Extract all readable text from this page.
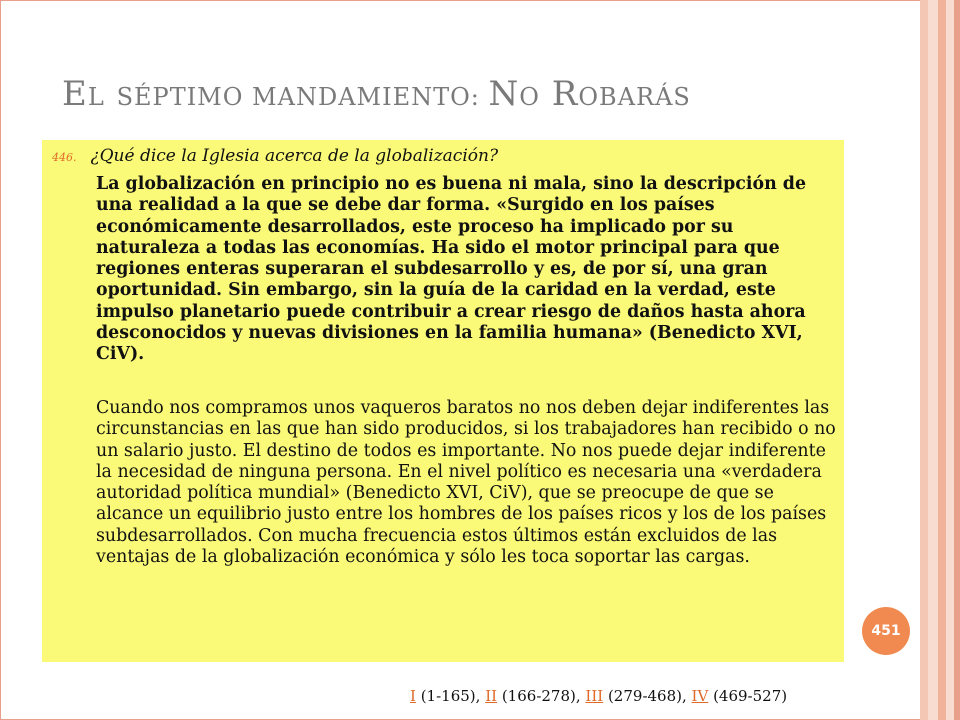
EL SÉPTIMO MANDAMIENTO: NO ROBARÁS
446. ¿Qué dice la Iglesia acerca de la globalización?
La globalización en principio no es buena ni mala, sino la descripción de una realidad a la que se debe dar forma. «Surgido en los países económicamente desarrollados, este proceso ha implicado por su naturaleza a todas las economías. Ha sido el motor principal para que regiones enteras superaran el subdesarrollo y es, de por sí, una gran oportunidad. Sin embargo, sin la guía de la caridad en la verdad, este impulso planetario puede contribuir a crear riesgo de daños hasta ahora desconocidos y nuevas divisiones en la familia humana» (Benedicto XVI, CiV).
Cuando nos compramos unos vaqueros baratos no nos deben dejar indiferentes las circunstancias en las que han sido producidos, si los trabajadores han recibido o no un salario justo. El destino de todos es importante. No nos puede dejar indiferente la necesidad de ninguna persona. En el nivel político es necesaria una «verdadera autoridad política mundial» (Benedicto XVI, CiV), que se preocupe de que se alcance un equilibrio justo entre los hombres de los países ricos y los de los países subdesarrollados. Con mucha frecuencia estos últimos están excluidos de las ventajas de la globalización económica y sólo les toca soportar las cargas.
451
I (1-165), II (166-278), III (279-468), IV (469-527)
